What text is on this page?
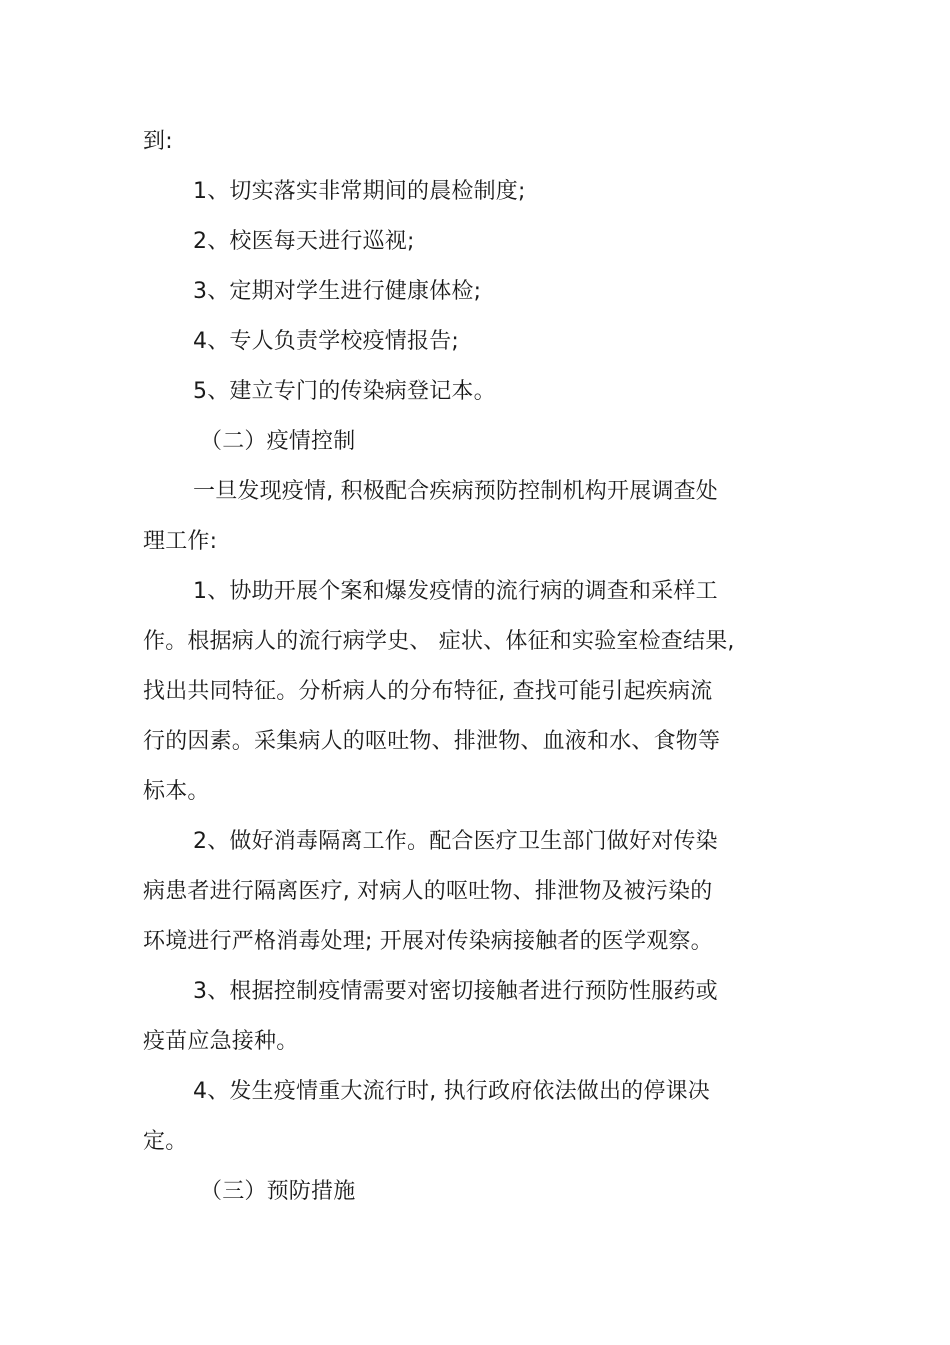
到:
1、切实落实非常期间的晨检制度;
2、校医每天进行巡视;
3、定期对学生进行健康体检;
4、专人负责学校疫情报告;
5、建立专门的传染病登记本。
（二）疫情控制
一旦发现疫情, 积极配合疾病预防控制机构开展调查处
理工作:
1、协助开展个案和爆发疫情的流行病的调查和采样工
作。根据病人的流行病学史、 症状、体征和实验室检查结果,
找出共同特征。分析病人的分布特征, 查找可能引起疾病流
行的因素。采集病人的呕吐物、排泄物、血液和水、食物等
标本。
2、做好消毒隔离工作。配合医疗卫生部门做好对传染
病患者进行隔离医疗, 对病人的呕吐物、排泄物及被污染的
环境进行严格消毒处理; 开展对传染病接触者的医学观察。
3、根据控制疫情需要对密切接触者进行预防性服药或
疫苗应急接种。
4、发生疫情重大流行时, 执行政府依法做出的停课决
定。
（三）预防措施
